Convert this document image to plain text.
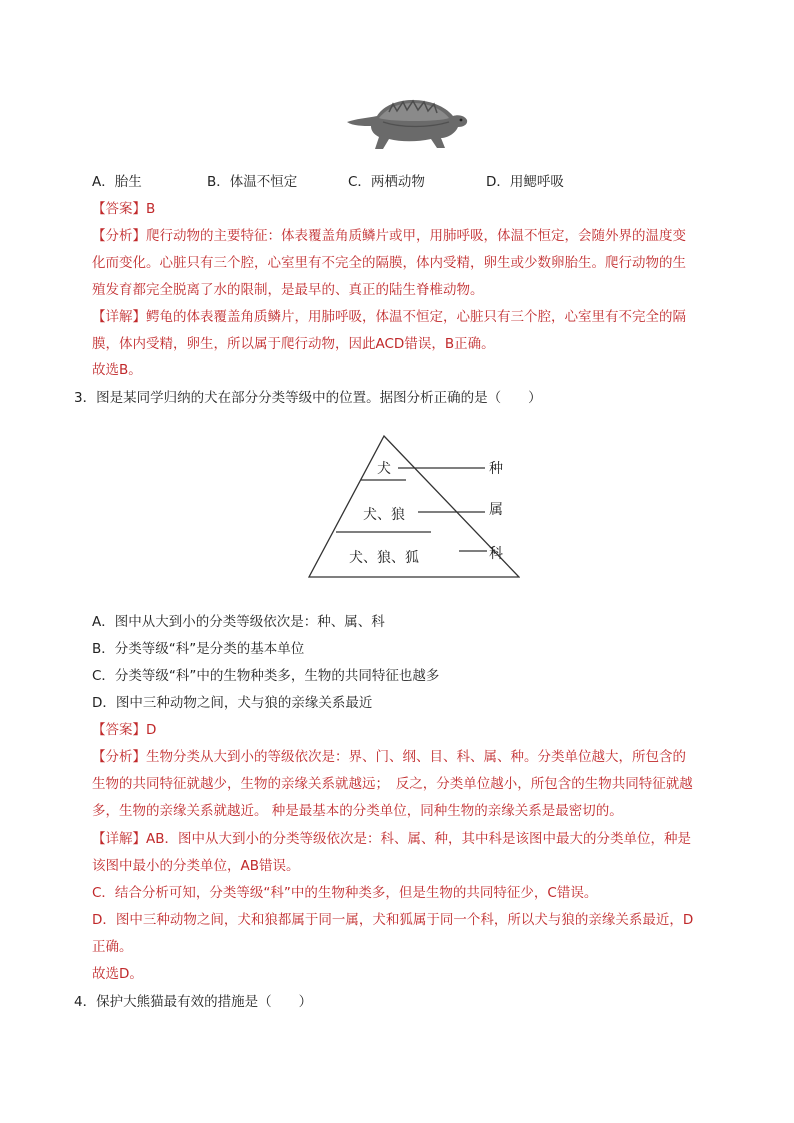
A．胎生	B．体温不恒定	C．两栖动物	D．用鳃呼吸
【答案】B
【分析】爬行动物的主要特征：体表覆盖角质鳞片或甲，用肺呼吸，体温不恒定，会随外界的温度变
化而变化。心脏只有三个腔，心室里有不完全的隔膜，体内受精，卵生或少数卵胎生。爬行动物的生
殖发育都完全脱离了水的限制，是最早的、真正的陆生脊椎动物。
【详解】鳄龟的体表覆盖角质鳞片，用肺呼吸，体温不恒定，心脏只有三个腔，心室里有不完全的隔
膜，体内受精，卵生，所以属于爬行动物，因此ACD错误，B正确。
故选B。
3．图是某同学归纳的犬在部分分类等级中的位置。据图分析正确的是（　　）
犬
犬、狼
犬、狼、狐
种
属
科
A．图中从大到小的分类等级依次是：种、属、科
B．分类等级“科”是分类的基本单位
C．分类等级“科”中的生物种类多，生物的共同特征也越多
D．图中三种动物之间，犬与狼的亲缘关系最近
【答案】D
【分析】生物分类从大到小的等级依次是：界、门、纲、目、科、属、种。分类单位越大，所包含的
生物的共同特征就越少，生物的亲缘关系就越远；　反之，分类单位越小，所包含的生物共同特征就越
多，生物的亲缘关系就越近。 种是最基本的分类单位，同种生物的亲缘关系是最密切的。
【详解】AB．图中从大到小的分类等级依次是：科、属、种，其中科是该图中最大的分类单位，种是
该图中最小的分类单位，AB错误。
C．结合分析可知，分类等级“科”中的生物种类多，但是生物的共同特征少，C错误。
D．图中三种动物之间，犬和狼都属于同一属，犬和狐属于同一个科，所以犬与狼的亲缘关系最近，D
正确。
故选D。
4．保护大熊猫最有效的措施是（　　）
